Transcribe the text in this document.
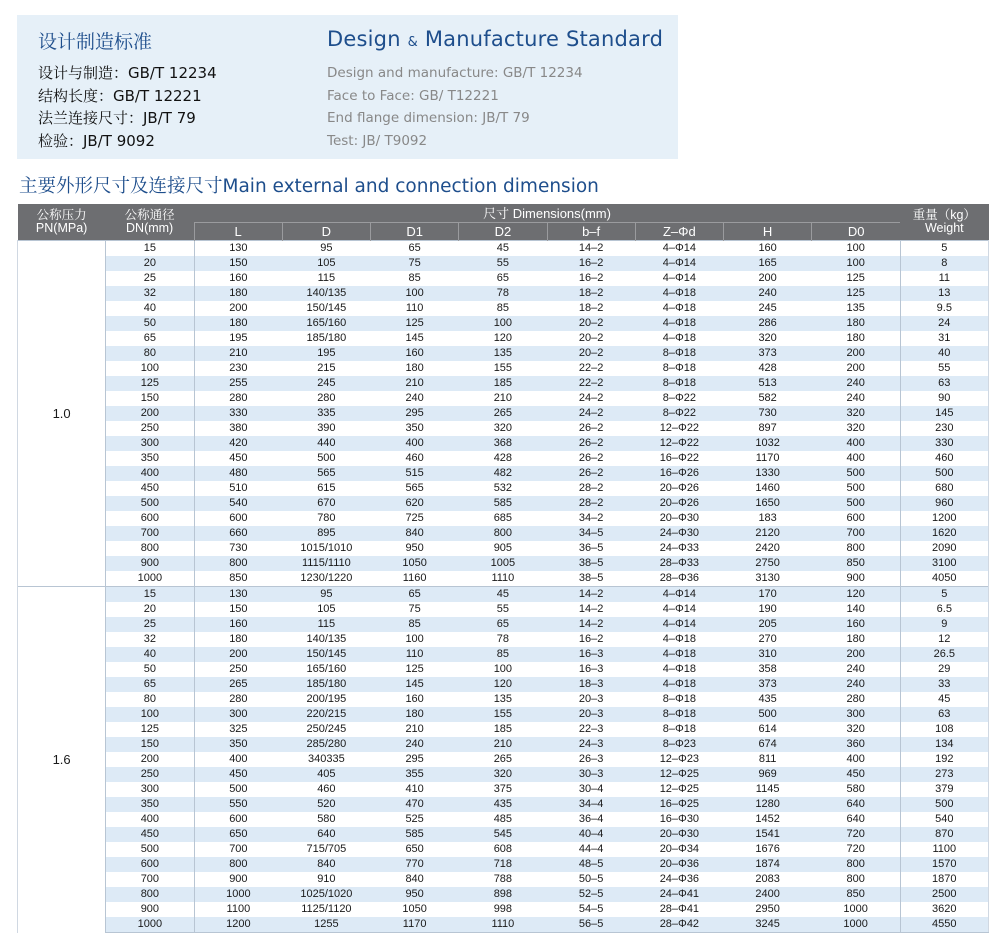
设计制造标准
设计与制造：GB/T 12234
结构长度：GB/T 12221
法兰连接尺寸：JB/T 79
检验：JB/T 9092
Design & Manufacture Standard
Design and manufacture: GB/T 12234
Face to Face: GB/ T12221
End flange dimension: JB/T 79
Test: JB/ T9092
主要外形尺寸及连接尺寸Main external and connection dimension
公称压力
PN(MPa)	公称通径
DN(mm)	尺寸 Dimensions(mm)								重量（kg）
Weight
		L	D	D1	D2	b–f	Z–Φd	H	D0	
1.0	15	130	95	65	45	14–2	4–Φ14	160	100	5
	20	150	105	75	55	16–2	4–Φ14	165	100	8
	25	160	115	85	65	16–2	4–Φ14	200	125	11
	32	180	140/135	100	78	18–2	4–Φ18	240	125	13
	40	200	150/145	110	85	18–2	4–Φ18	245	135	9.5
	50	180	165/160	125	100	20–2	4–Φ18	286	180	24
	65	195	185/180	145	120	20–2	4–Φ18	320	180	31
	80	210	195	160	135	20–2	8–Φ18	373	200	40
	100	230	215	180	155	22–2	8–Φ18	428	200	55
	125	255	245	210	185	22–2	8–Φ18	513	240	63
	150	280	280	240	210	24–2	8–Φ22	582	240	90
	200	330	335	295	265	24–2	8–Φ22	730	320	145
	250	380	390	350	320	26–2	12–Φ22	897	320	230
	300	420	440	400	368	26–2	12–Φ22	1032	400	330
	350	450	500	460	428	26–2	16–Φ22	1170	400	460
	400	480	565	515	482	26–2	16–Φ26	1330	500	500
	450	510	615	565	532	28–2	20–Φ26	1460	500	680
	500	540	670	620	585	28–2	20–Φ26	1650	500	960
	600	600	780	725	685	34–2	20–Φ30	183	600	1200
	700	660	895	840	800	34–5	24–Φ30	2120	700	1620
	800	730	1015/1010	950	905	36–5	24–Φ33	2420	800	2090
	900	800	1115/1110	1050	1005	38–5	28–Φ33	2750	850	3100
	1000	850	1230/1220	1160	1110	38–5	28–Φ36	3130	900	4050
1.6	15	130	95	65	45	14–2	4–Φ14	170	120	5
	20	150	105	75	55	14–2	4–Φ14	190	140	6.5
	25	160	115	85	65	14–2	4–Φ14	205	160	9
	32	180	140/135	100	78	16–2	4–Φ18	270	180	12
	40	200	150/145	110	85	16–3	4–Φ18	310	200	26.5
	50	250	165/160	125	100	16–3	4–Φ18	358	240	29
	65	265	185/180	145	120	18–3	4–Φ18	373	240	33
	80	280	200/195	160	135	20–3	8–Φ18	435	280	45
	100	300	220/215	180	155	20–3	8–Φ18	500	300	63
	125	325	250/245	210	185	22–3	8–Φ18	614	320	108
	150	350	285/280	240	210	24–3	8–Φ23	674	360	134
	200	400	340335	295	265	26–3	12–Φ23	811	400	192
	250	450	405	355	320	30–3	12–Φ25	969	450	273
	300	500	460	410	375	30–4	12–Φ25	1145	580	379
	350	550	520	470	435	34–4	16–Φ25	1280	640	500
	400	600	580	525	485	36–4	16–Φ30	1452	640	540
	450	650	640	585	545	40–4	20–Φ30	1541	720	870
	500	700	715/705	650	608	44–4	20–Φ34	1676	720	1100
	600	800	840	770	718	48–5	20–Φ36	1874	800	1570
	700	900	910	840	788	50–5	24–Φ36	2083	800	1870
	800	1000	1025/1020	950	898	52–5	24–Φ41	2400	850	2500
	900	1100	1125/1120	1050	998	54–5	28–Φ41	2950	1000	3620
	1000	1200	1255	1170	1110	56–5	28–Φ42	3245	1000	4550
